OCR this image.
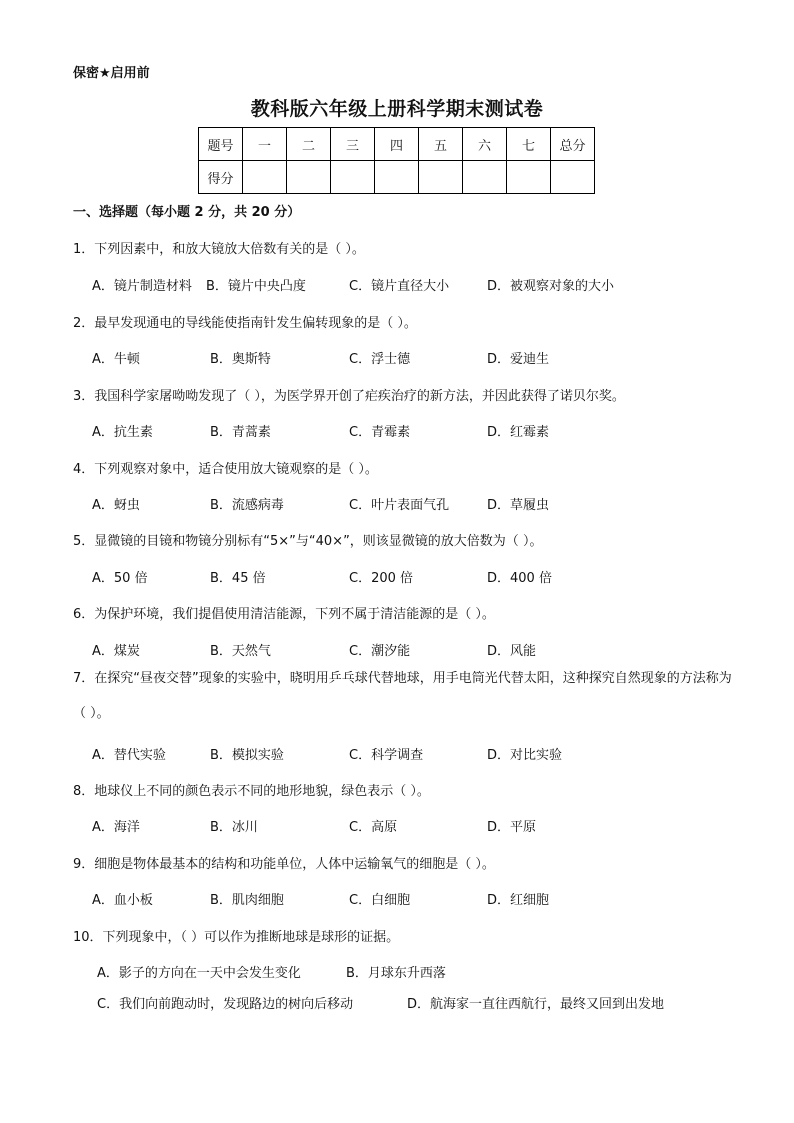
保密★启用前
教科版六年级上册科学期末测试卷
题号	一	二	三	四	五	六	七	总分
得分								
一、选择题（每小题 2 分，共 20 分）
1．下列因素中，和放大镜放大倍数有关的是（ ）。
A．镜片制造材料 B．镜片中央凸度	C．镜片直径大小	D．被观察对象的大小
2．最早发现通电的导线能使指南针发生偏转现象的是（ ）。
A．牛顿	B．奥斯特	C．浮士德	D．爱迪生
3．我国科学家屠呦呦发现了（ ），为医学界开创了疟疾治疗的新方法，并因此获得了诺贝尔奖。
A．抗生素	B．青蒿素	C．青霉素	D．红霉素
4．下列观察对象中，适合使用放大镜观察的是（ ）。
A．蚜虫	B．流感病毒	C．叶片表面气孔	D．草履虫
5．显微镜的目镜和物镜分别标有“5×”与“40×”，则该显微镜的放大倍数为（ ）。
A．50 倍	B．45 倍	C．200 倍	D．400 倍
6．为保护环境，我们提倡使用清洁能源，下列不属于清洁能源的是（ ）。
A．煤炭	B．天然气	C．潮汐能	D．风能
7．在探究“昼夜交替”现象的实验中，晓明用乒乓球代替地球，用手电筒光代替太阳，这种探究自然现象的方法称为（ ）。
A．替代实验	B．模拟实验	C．科学调查	D．对比实验
8．地球仪上不同的颜色表示不同的地形地貌，绿色表示（ ）。
A．海洋	B．冰川	C．高原	D．平原
9．细胞是物体最基本的结构和功能单位，人体中运输氧气的细胞是（ ）。
A．血小板	B．肌肉细胞	C．白细胞	D．红细胞
10．下列现象中，（ ）可以作为推断地球是球形的证据。
A．影子的方向在一天中会发生变化	B．月球东升西落
C．我们向前跑动时，发现路边的树向后移动	D．航海家一直往西航行，最终又回到出发地
